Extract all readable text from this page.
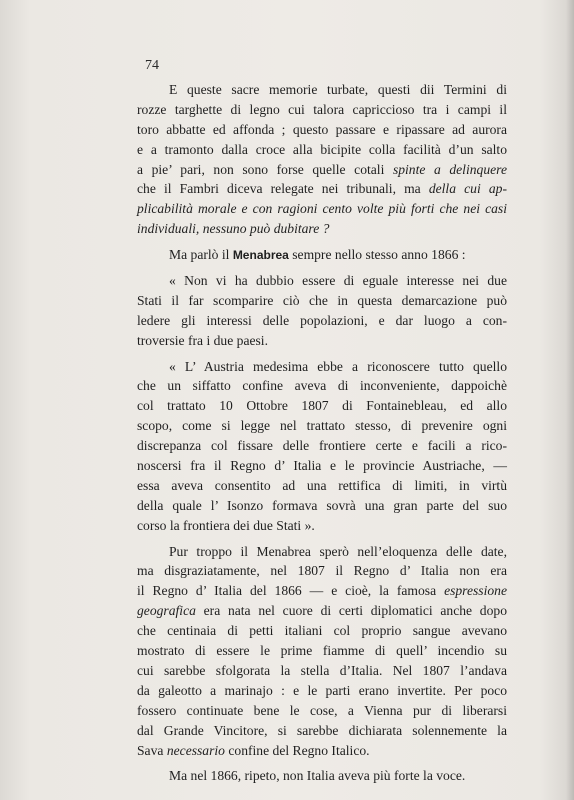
74
E queste sacre memorie turbate, questi dii Termini di
rozze targhette di legno cui talora capriccioso tra i campi il
toro abbatte ed affonda ; questo passare e ripassare ad aurora
e a tramonto dalla croce alla bicipite colla facilità d’un salto
a pie’ pari, non sono forse quelle cotali spinte a delinquere
che il Fambri diceva relegate nei tribunali, ma della cui ap-
plicabilità morale e con ragioni cento volte più forti che nei casi
individuali, nessuno può dubitare ?
Ma parlò il Menabrea sempre nello stesso anno 1866 :
« Non vi ha dubbio essere di eguale interesse nei due
Stati il far scomparire ciò che in questa demarcazione può
ledere gli interessi delle popolazioni, e dar luogo a con-
troversie fra i due paesi.
« L’ Austria medesima ebbe a riconoscere tutto quello
che un siffatto confine aveva di inconveniente, dappoichè
col trattato 10 Ottobre 1807 di Fontainebleau, ed allo
scopo, come si legge nel trattato stesso, di prevenire ogni
discrepanza col fissare delle frontiere certe e facili a rico-
noscersi fra il Regno d’ Italia e le provincie Austriache, —
essa aveva consentito ad una rettifica di limiti, in virtù
della quale l’ Isonzo formava sovrà una gran parte del suo
corso la frontiera dei due Stati ».
Pur troppo il Menabrea sperò nell’eloquenza delle date,
ma disgraziatamente, nel 1807 il Regno d’ Italia non era
il Regno d’ Italia del 1866 — e cioè, la famosa espressione
geografica era nata nel cuore di certi diplomatici anche dopo
che centinaia di petti italiani col proprio sangue avevano
mostrato di essere le prime fiamme di quell’ incendio su
cui sarebbe sfolgorata la stella d’Italia. Nel 1807 l’andava
da galeotto a marinajo : e le parti erano invertite. Per poco
fossero continuate bene le cose, a Vienna pur di liberarsi
dal Grande Vincitore, si sarebbe dichiarata solennemente la
Sava necessario confine del Regno Italico.
Ma nel 1866, ripeto, non Italia aveva più forte la voce.
